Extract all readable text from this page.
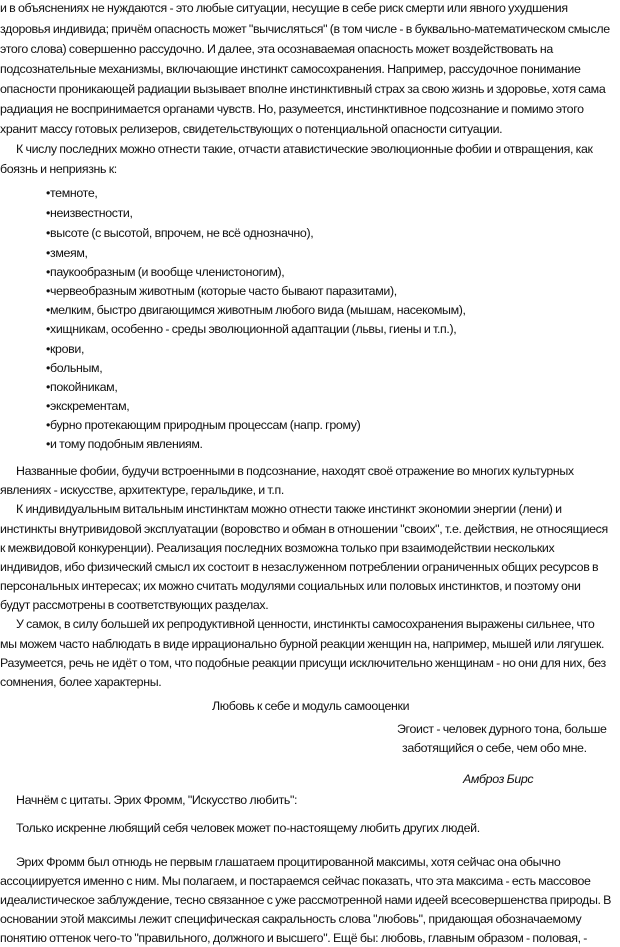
и в объяснениях не нуждаются - это любые ситуации, несущие в себе риск смерти или явного ухудшения
здоровья индивида; причём опасность может "вычисляться" (в том числе - в буквально-математическом смысле
этого слова) совершенно рассудочно. И далее, эта осознаваемая опасность может воздействовать на
подсознательные механизмы, включающие инстинкт самосохранения. Например, рассудочное понимание
опасности проникающей радиации вызывает вполне инстинктивный страх за свою жизнь и здоровье, хотя сама
радиация не воспринимается органами чувств. Но, разумеется, инстинктивное подсознание и помимо этого
хранит массу готовых релизеров, свидетельствующих о потенциальной опасности ситуации.
К числу последних можно отнести такие, отчасти атавистические эволюционные фобии и отвращения, как
боязнь и неприязнь к:
•темноте,
•неизвестности,
•высоте (с высотой, впрочем, не всё однозначно),
•змеям,
•паукообразным (и вообще членистоногим),
•червеобразным животным (которые часто бывают паразитами),
•мелким, быстро двигающимся животным любого вида (мышам, насекомым),
•хищникам, особенно - среды эволюционной адаптации (львы, гиены и т.п.),
•крови,
•больным,
•покойникам,
•экскрементам,
•бурно протекающим природным процессам (напр. грому)
•и тому подобным явлениям.
Названные фобии, будучи встроенными в подсознание, находят своё отражение во многих культурных
явлениях - искусстве, архитектуре, геральдике, и т.п.
К индивидуальным витальным инстинктам можно отнести также инстинкт экономии энергии (лени) и
инстинкты внутривидовой эксплуатации (воровство и обман в отношении "своих", т.е. действия, не относящиеся
к межвидовой конкуренции). Реализация последних возможна только при взаимодействии нескольких
индивидов, ибо физический смысл их состоит в незаслуженном потреблении ограниченных общих ресурсов в
персональных интересах; их можно считать модулями социальных или половых инстинктов, и поэтому они
будут рассмотрены в соответствующих разделах.
У самок, в силу большей их репродуктивной ценности, инстинкты самосохранения выражены сильнее, что
мы можем часто наблюдать в виде иррационально бурной реакции женщин на, например, мышей или лягушек.
Разумеется, речь не идёт о том, что подобные реакции присущи исключительно женщинам - но они для них, без
сомнения, более характерны.
Любовь к себе и модуль самооценки
Эгоист - человек дурного тона, больше
заботящийся о себе, чем обо мне.
Амброз Бирс
Начнём с цитаты. Эрих Фромм, "Искусство любить":
Только искренне любящий себя человек может по-настоящему любить других людей.
Эрих Фромм был отнюдь не первым глашатаем процитированной максимы, хотя сейчас она обычно
ассоциируется именно с ним. Мы полагаем, и постараемся сейчас показать, что эта максима - есть массовое
идеалистическое заблуждение, тесно связанное с уже рассмотренной нами идеей всесовершенства природы. В
основании этой максимы лежит специфическая сакральность слова "любовь", придающая обозначаемому
понятию оттенок чего-то "правильного, должного и высшего". Ещё бы: любовь, главным образом - половая, -
